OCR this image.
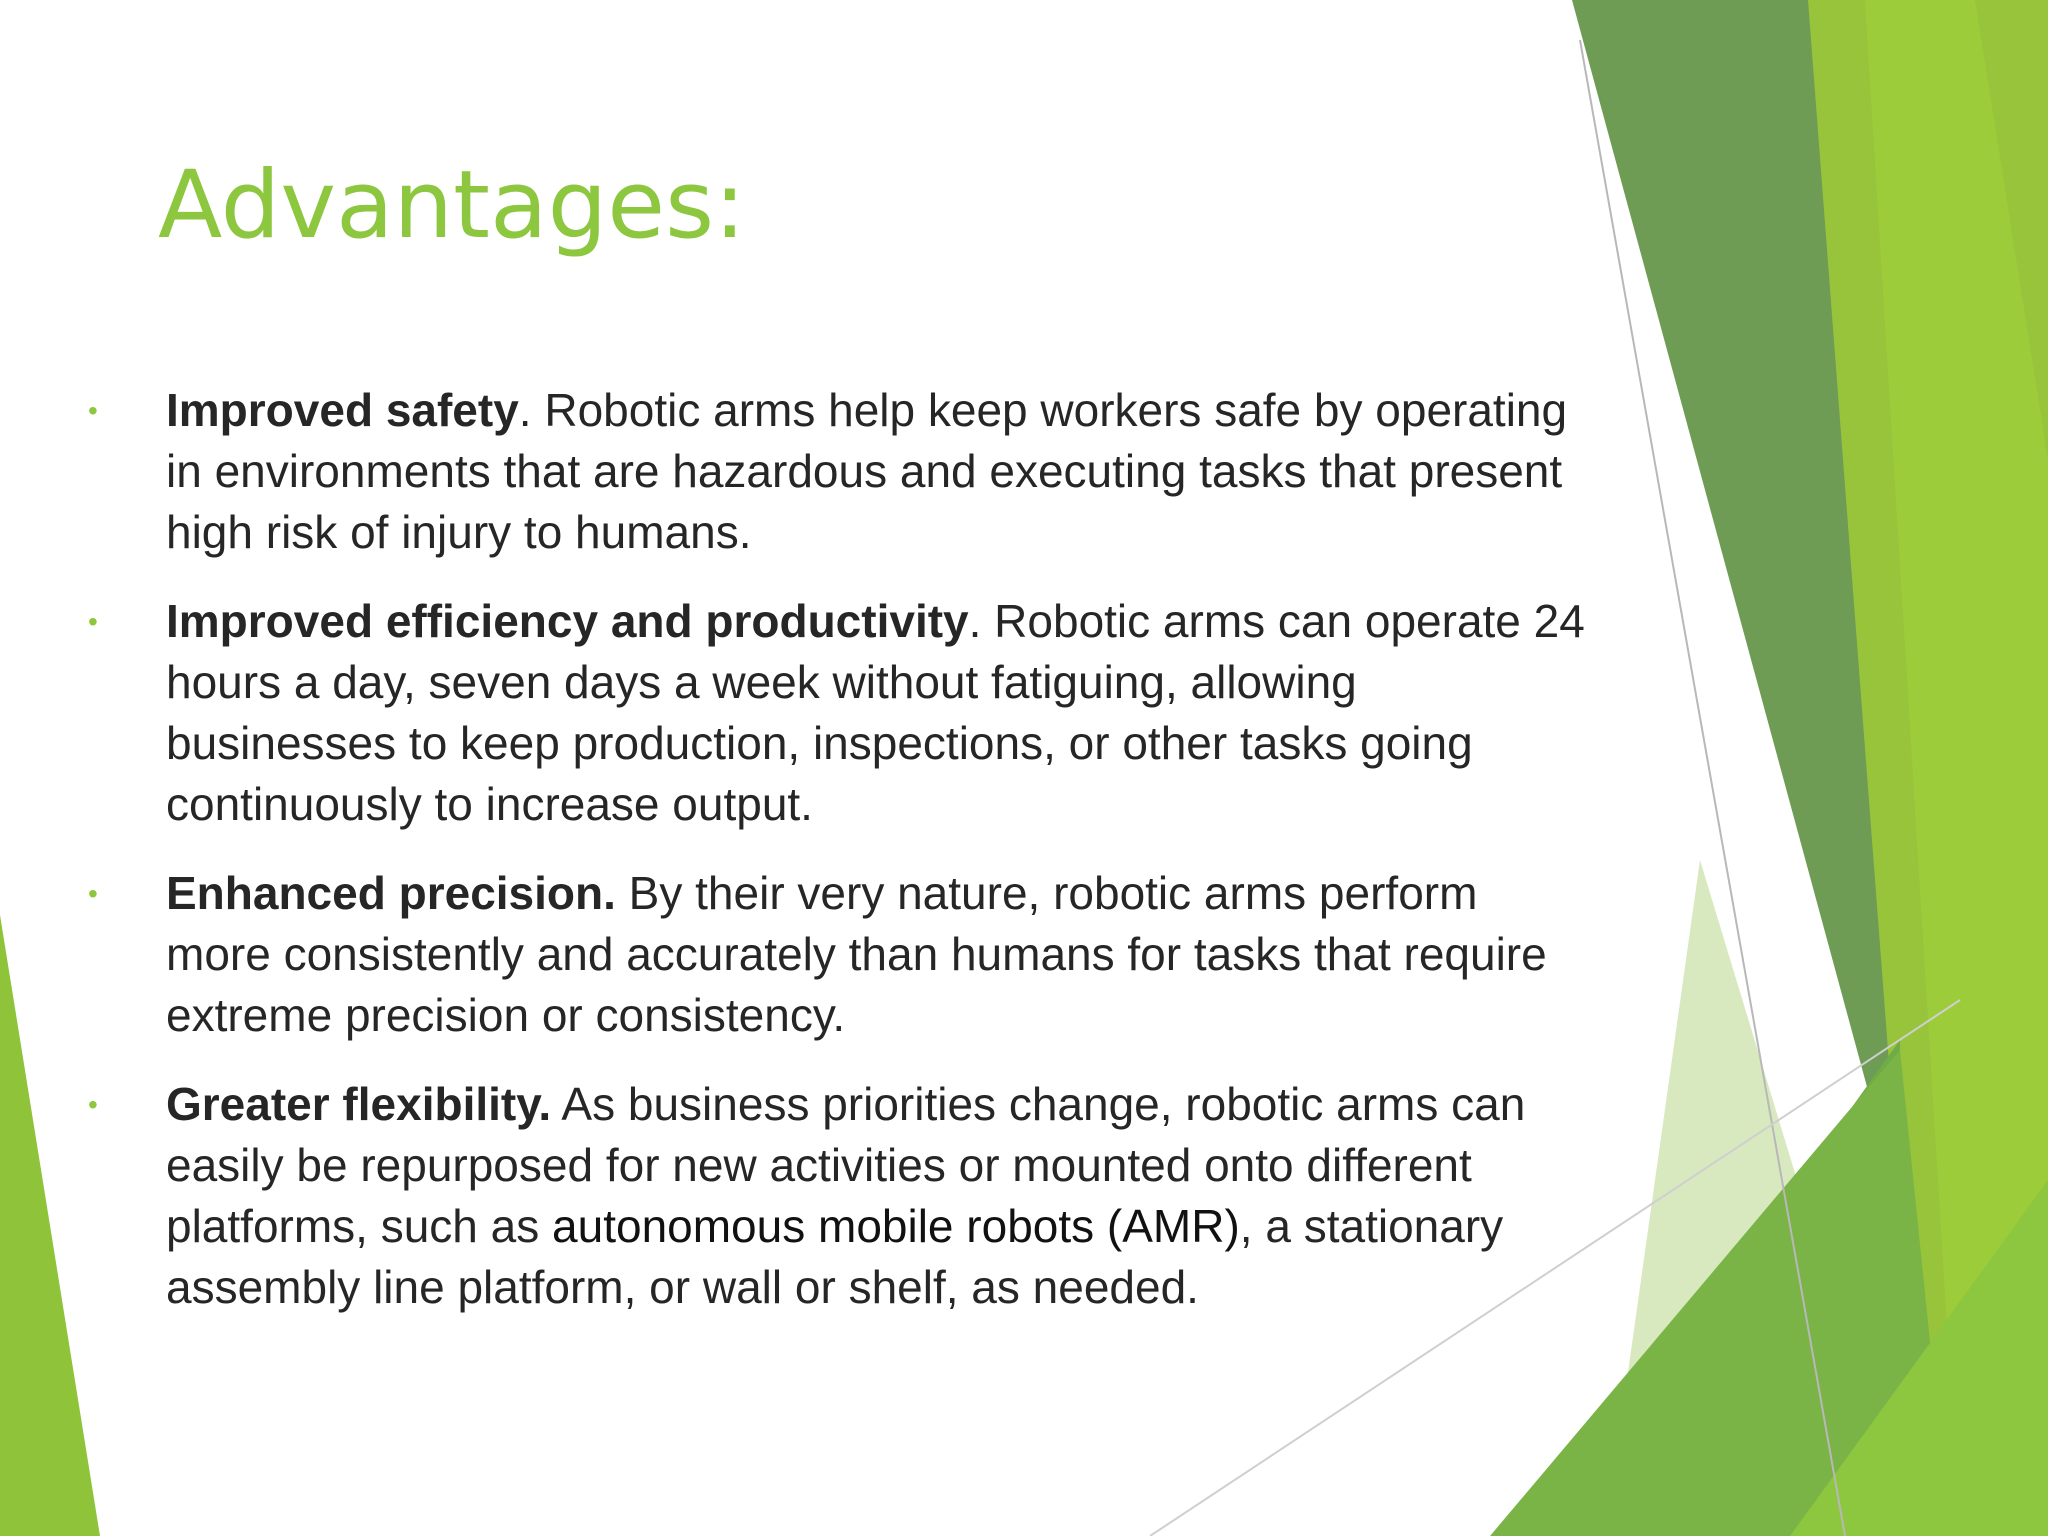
Advantages:
• Improved safety. Robotic arms help keep workers safe by operating
in environments that are hazardous and executing tasks that present
high risk of injury to humans.
• Improved efficiency and productivity. Robotic arms can operate 24
hours a day, seven days a week without fatiguing, allowing
businesses to keep production, inspections, or other tasks going
continuously to increase output.
• Enhanced precision. By their very nature, robotic arms perform
more consistently and accurately than humans for tasks that require
extreme precision or consistency.
• Greater flexibility. As business priorities change, robotic arms can
easily be repurposed for new activities or mounted onto different
platforms, such as autonomous mobile robots (AMR), a stationary
assembly line platform, or wall or shelf, as needed.
